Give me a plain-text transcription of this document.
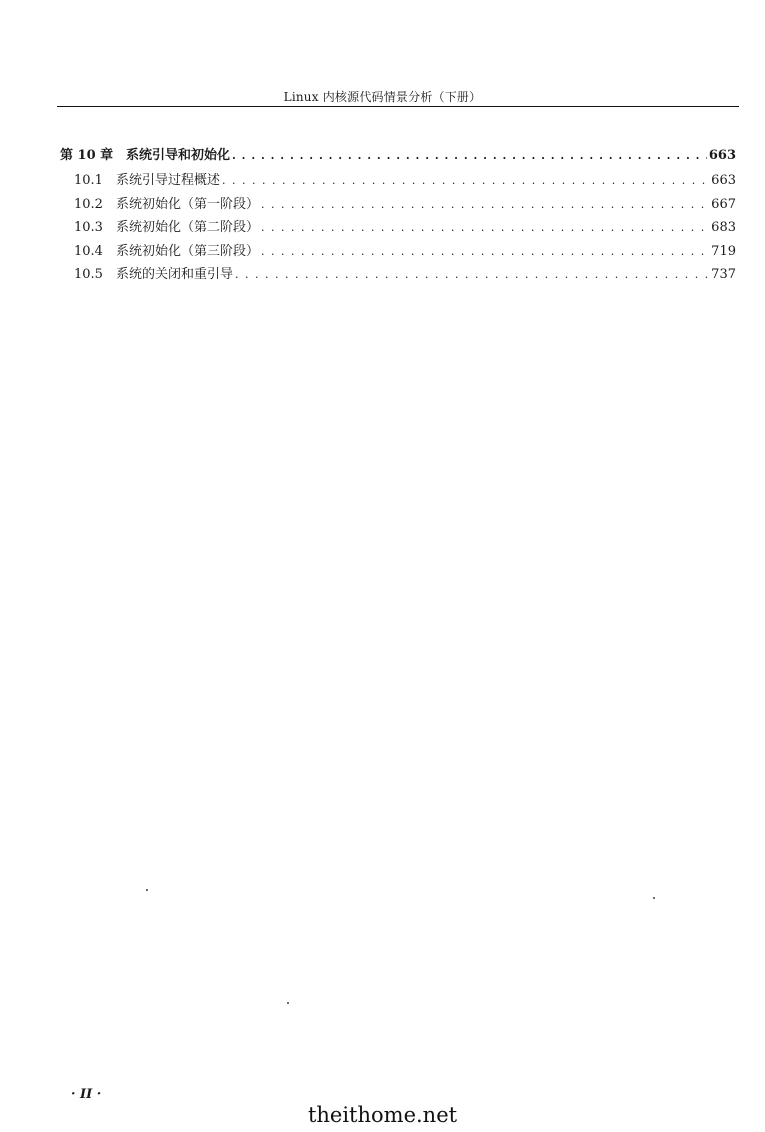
Linux 内核源代码情景分析（下册）
第 10 章 系统引导和初始化 . . .	663
10.1	系统引导过程概述 . . .	663
10.2	系统初始化（第一阶段） . . .	667
10.3	系统初始化（第二阶段） . . .	683
10.4	系统初始化（第三阶段） . . .	719
10.5	系统的关闭和重引导 . . .	737
· II ·
theithome.net
